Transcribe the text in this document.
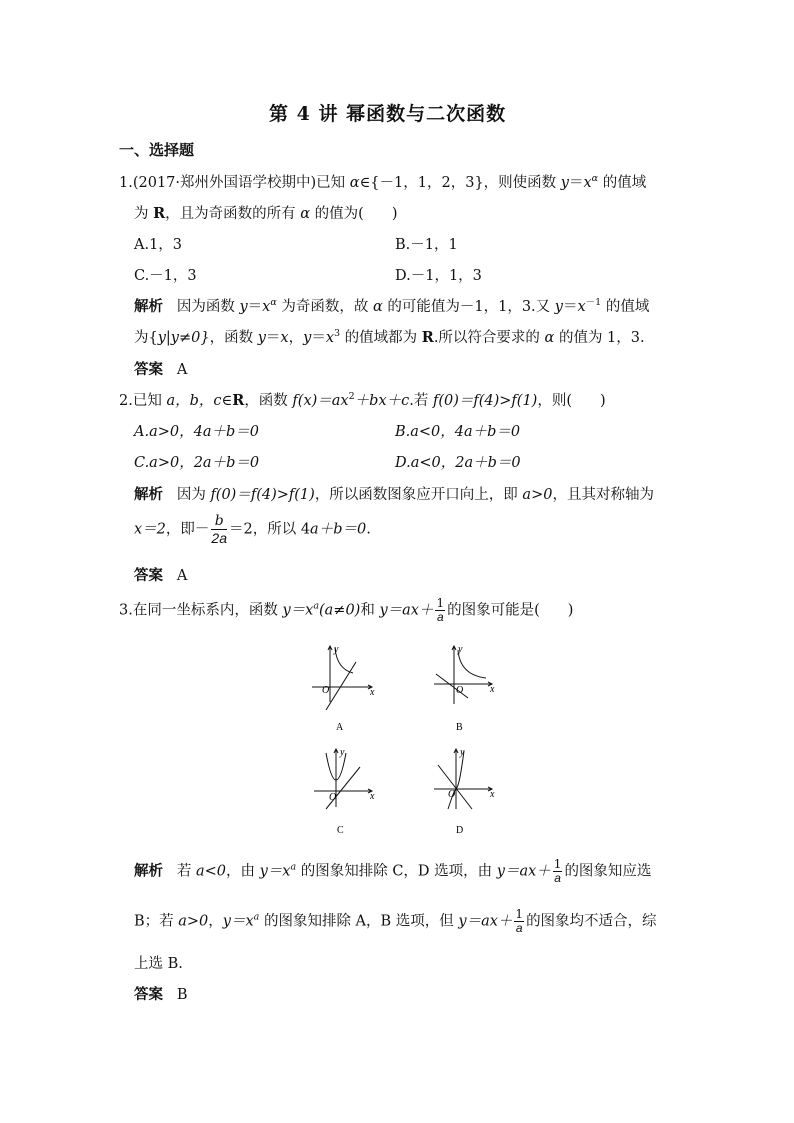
第 4 讲 幂函数与二次函数
一、选择题
1.(2017·郑州外国语学校期中)已知 α∈{－1，1，2，3}，则使函数 $y=x^\alpha$ 的值域
为 R，且为奇函数的所有 α 的值为( )
A.1，3	B.－1，1
C.－1，3	D.－1，1，3
解析 因为函数 $y=x^\alpha$ 为奇函数，故 α 的可能值为－1，1，3.又 $y=x^{-1}$ 的值域
为{y|y≠0}，函数 y＝x，$y=x^3$ 的值域都为 R.所以符合要求的 α 的值为 1，3.
答案 A
2.已知 a，b，c∈R，函数 $f(x)=ax^2+bx+c$.若 f(0)＝f(4)>f(1)，则( )
A.a>0，4a＋b＝0	B.a<0，4a＋b＝0
C.a>0，2a＋b＝0	D.a<0，2a＋b＝0
解析 因为 f(0)＝f(4)>f(1)，所以函数图象应开口向上，即 a>0，且其对称轴为
x＝2，即－ $\frac{b}{2a} =2$，所以 4a＋b＝0.
答案 A
3.在同一坐标系内，函数 $y=x^a(a\ne 0)$和 $y=ax+ \frac{1}{a}$ 的图象可能是( )
O	x
y
A
O	x
y
B
O	x
y
C
O	x
y
D
解析 若 a<0，由 $y=x^a$ 的图象知排除 C，D 选项，由 $y=ax+ \frac{1}{a}$ 的图象知应选
B；若 a>0，$y=x^a$ 的图象知排除 A，B 选项，但 $y=ax+ \frac{1}{a}$ 的图象均不适合，综
上选 B.
答案 B
